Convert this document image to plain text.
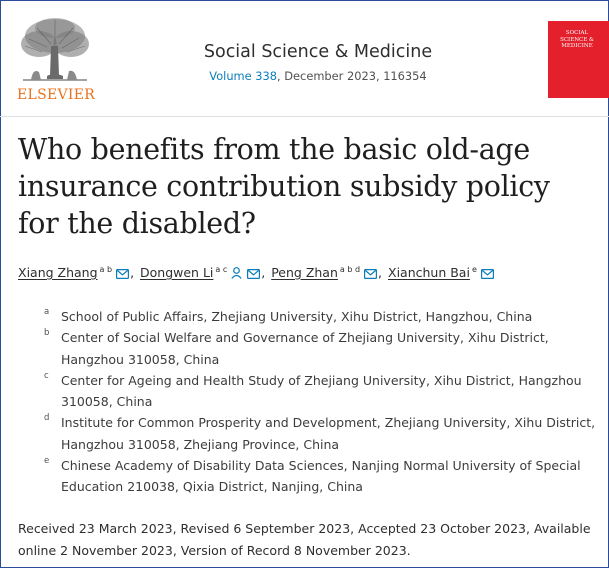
ELSEVIER
Social Science & Medicine
Volume 338, December 2023, 116354
SOCIAL SCIENCE & MEDICINE
Who benefits from the basic old-age insurance contribution subsidy policy for the disabled?
Xiang Zhang $^{a b}$ , Dongwen Li $^{a c}$	, Peng Zhan $^{a b d}$ , Xianchun Bai $^e$
a School of Public Affairs, Zhejiang University, Xihu District, Hangzhou, China
b Center of Social Welfare and Governance of Zhejiang University, Xihu District, Hangzhou 310058, China
c Center for Ageing and Health Study of Zhejiang University, Xihu District, Hangzhou 310058, China
d Institute for Common Prosperity and Development, Zhejiang University, Xihu District, Hangzhou 310058, Zhejiang Province, China
e Chinese Academy of Disability Data Sciences, Nanjing Normal University of Special Education 210038, Qixia District, Nanjing, China
Received 23 March 2023, Revised 6 September 2023, Accepted 23 October 2023, Available online 2 November 2023, Version of Record 8 November 2023.
